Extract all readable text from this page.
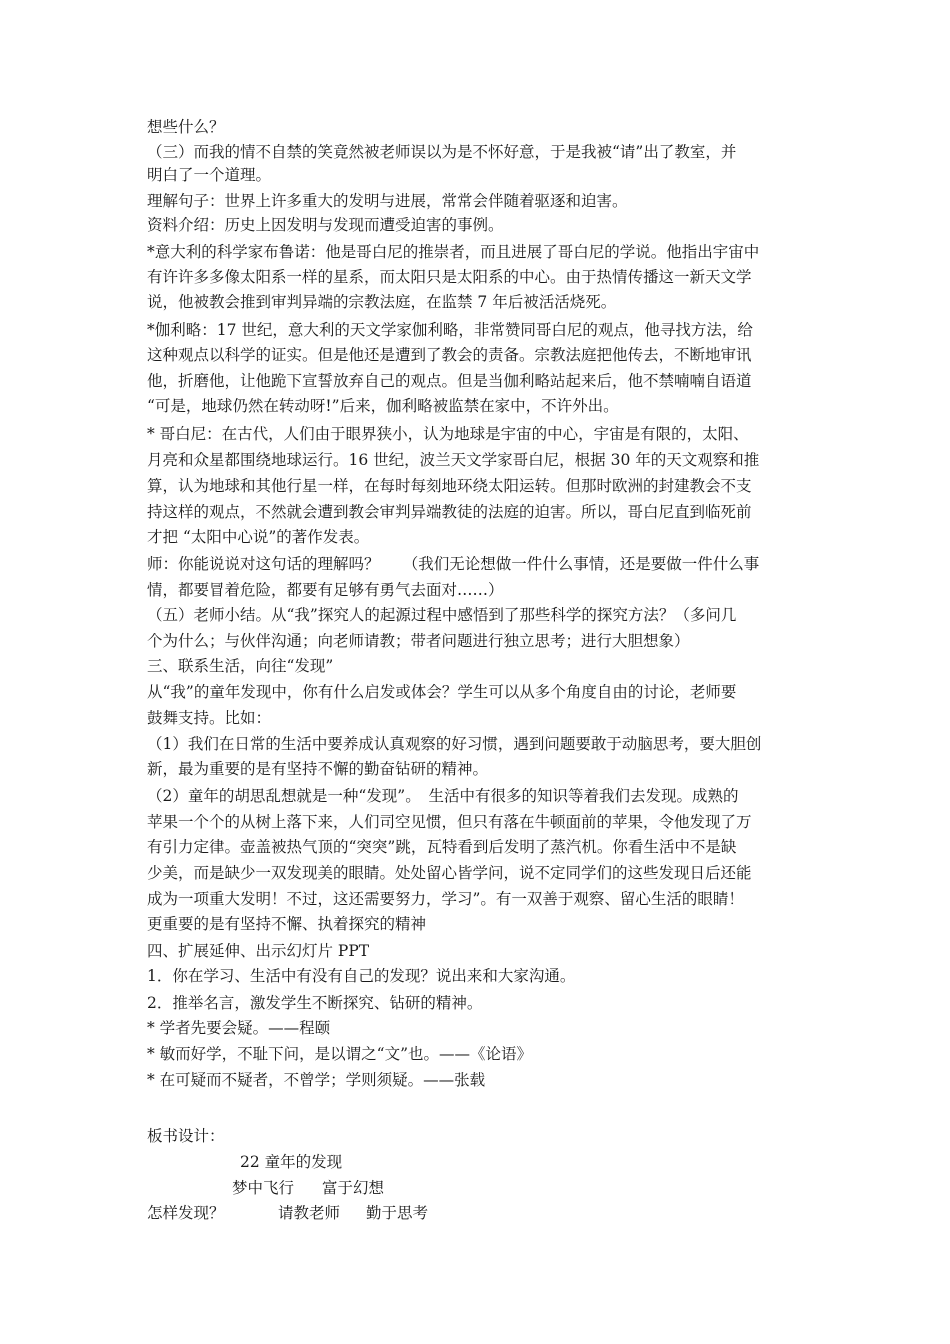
想些什么？
（三）而我的情不自禁的笑竟然被老师误以为是不怀好意，于是我被“请”出了教室，并
明白了一个道理。
理解句子：世界上许多重大的发明与进展，常常会伴随着驱逐和迫害。
资料介绍：历史上因发明与发现而遭受迫害的事例。
*意大利的科学家布鲁诺：他是哥白尼的推崇者，而且进展了哥白尼的学说。他指出宇宙中
有许许多多像太阳系一样的星系，而太阳只是太阳系的中心。由于热情传播这一新天文学
说，他被教会推到审判异端的宗教法庭，在监禁 7 年后被活活烧死。
*伽利略：17 世纪，意大利的天文学家伽利略，非常赞同哥白尼的观点，他寻找方法，给
这种观点以科学的证实。但是他还是遭到了教会的责备。宗教法庭把他传去，不断地审讯
他，折磨他，让他跪下宣誓放弃自己的观点。但是当伽利略站起来后，他不禁喃喃自语道
“可是，地球仍然在转动呀!”后来，伽利略被监禁在家中，不许外出。
* 哥白尼：在古代，人们由于眼界狭小，认为地球是宇宙的中心，宇宙是有限的，太阳、
月亮和众星都围绕地球运行。16 世纪，波兰天文学家哥白尼，根据 30 年的天文观察和推
算，认为地球和其他行星一样，在每时每刻地环绕太阳运转。但那时欧洲的封建教会不支
持这样的观点，不然就会遭到教会审判异端教徒的法庭的迫害。所以，哥白尼直到临死前
才把 “太阳中心说”的著作发表。
师：你能说说对这句话的理解吗？　　（我们无论想做一件什么事情，还是要做一件什么事
情，都要冒着危险，都要有足够有勇气去面对……）
（五）老师小结。从“我”探究人的起源过程中感悟到了那些科学的探究方法？（多问几
个为什么；与伙伴沟通；向老师请教；带者问题进行独立思考；进行大胆想象）
三、联系生活，向往“发现”
从“我”的童年发现中，你有什么启发或体会？学生可以从多个角度自由的讨论，老师要
鼓舞支持。比如：
（1）我们在日常的生活中要养成认真观察的好习惯，遇到问题要敢于动脑思考，要大胆创
新，最为重要的是有坚持不懈的勤奋钻研的精神。
（2）童年的胡思乱想就是一种“发现”。　生活中有很多的知识等着我们去发现。成熟的
苹果一个个的从树上落下来，人们司空见惯，但只有落在牛顿面前的苹果，令他发现了万
有引力定律。壶盖被热气顶的“突突”跳，瓦特看到后发明了蒸汽机。你看生活中不是缺
少美，而是缺少一双发现美的眼睛。处处留心皆学问，说不定同学们的这些发现日后还能
成为一项重大发明！不过，这还需要努力，学习”。有一双善于观察、留心生活的眼睛！
更重要的是有坚持不懈、执着探究的精神
四、扩展延伸、出示幻灯片 PPT
1．你在学习、生活中有没有自己的发现？说出来和大家沟通。
2．推举名言，激发学生不断探究、钻研的精神。
* 学者先要会疑。——程颐
* 敏而好学，不耻下问，是以谓之“文”也。——《论语》
* 在可疑而不疑者，不曾学；学则须疑。——张载
板书设计：
22 童年的发现
梦中飞行 富于幻想
怎样发现？	请教老师 勤于思考
